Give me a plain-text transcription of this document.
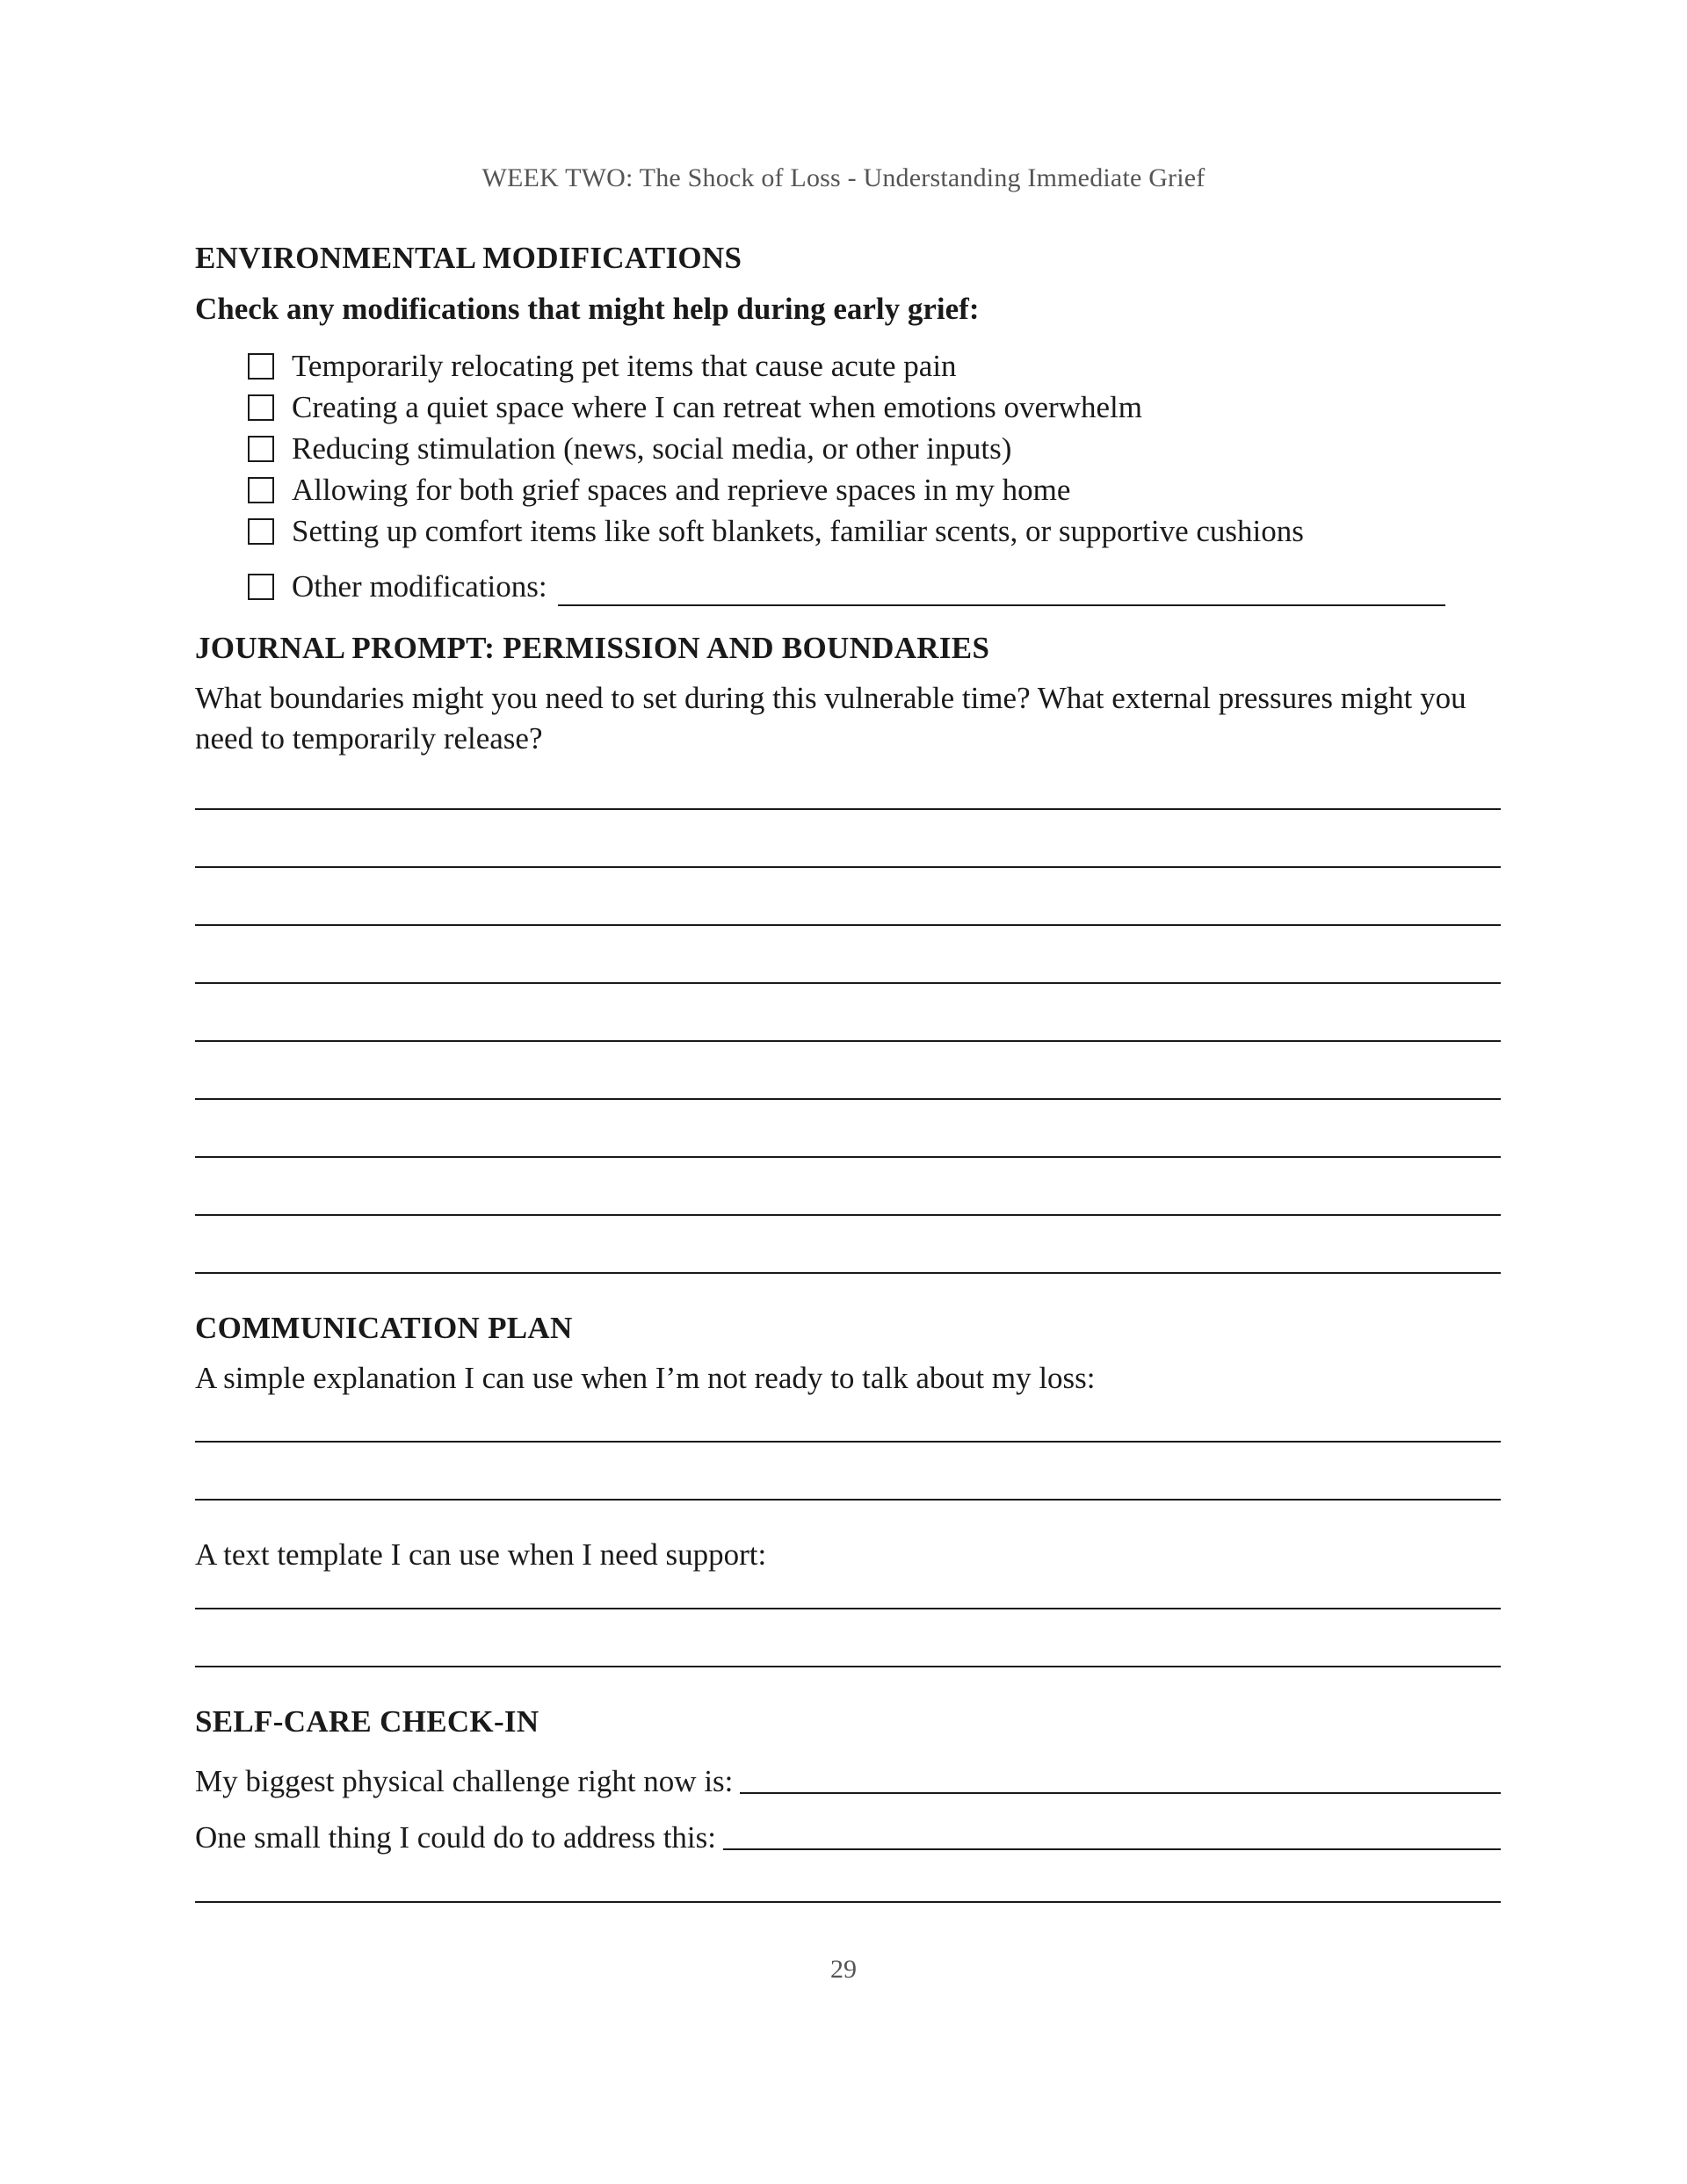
WEEK TWO: The Shock of Loss - Understanding Immediate Grief
ENVIRONMENTAL MODIFICATIONS

Check any modifications that might help during early grief:

Temporarily relocating pet items that cause acute pain
Creating a quiet space where I can retreat when emotions overwhelm
Reducing stimulation (news, social media, or other inputs)
Allowing for both grief spaces and reprieve spaces in my home
Setting up comfort items like soft blankets, familiar scents, or supportive cushions
Other modifications:
JOURNAL PROMPT: PERMISSION AND BOUNDARIES

What boundaries might you need to set during this vulnerable time? What external pressures might you need to temporarily release?

COMMUNICATION PLAN

A simple explanation I can use when I’m not ready to talk about my loss:

A text template I can use when I need support:

SELF-CARE CHECK-IN
My biggest physical challenge right now is:
One small thing I could do to address this:
29
